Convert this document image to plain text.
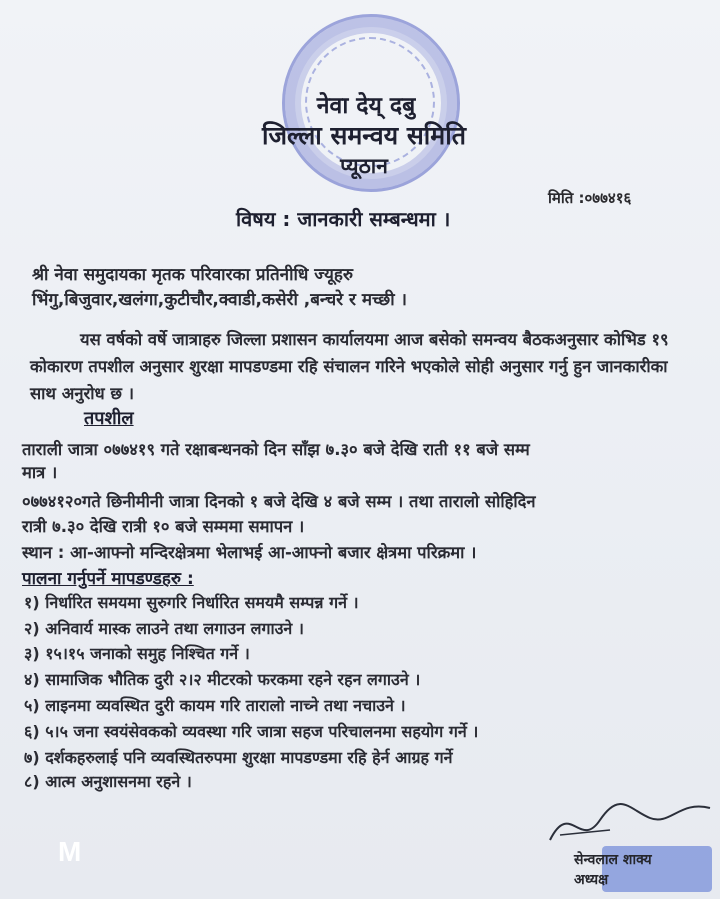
नेवा देय् दबु
जिल्ला समन्वय समिति
प्यूठान
मिति :०७७४१६
विषय : जानकारी सम्बन्धमा ।
श्री नेवा समुदायका मृतक परिवारका प्रतिनीधि ज्यूहरु
भिंगु,बिजुवार,खलंगा,कुटीचौर,क्वाडी,कसेरी ,बन्चरे र मच्छी ।
यस वर्षको वर्षे जात्राहरु जिल्ला प्रशासन कार्यालयमा आज बसेको समन्वय बैठकअनुसार कोभिड १९ कोकारण तपशील अनुसार शुरक्षा मापडण्डमा रहि संचालन गरिने भएकोले सोही अनुसार गर्नु हुन जानकारीका साथ अनुरोध छ ।
तपशील
ताराली जात्रा ०७७४१९ गते रक्षाबन्धनको दिन साँझ ७.३० बजे देखि राती ११ बजे सम्म
मात्र ।
०७७४१२०गते छिनीमीनी जात्रा दिनको १ बजे देखि ४ बजे सम्म । तथा तारालो सोहिदिन
रात्री ७.३० देखि रात्री १० बजे सम्ममा समापन ।
स्थान : आ-आफ्नो मन्दिरक्षेत्रमा भेलाभई आ-आफ्नो बजार क्षेत्रमा परिक्रमा ।
पालना गर्नुपर्ने मापडण्डहरु :
१) निर्धारित समयमा सुरुगरि निर्धारित समयमै सम्पन्न गर्ने ।
२) अनिवार्य मास्क लाउने तथा लगाउन लगाउने ।
३) १५।१५ जनाको समुह निश्चित गर्ने ।
४) सामाजिक भौतिक दुरी २।२ मीटरको फरकमा रहने रहन लगाउने ।
५) लाइनमा व्यवस्थित दुरी कायम गरि तारालो नाच्ने तथा नचाउने ।
६) ५।५ जना स्वयंसेवकको व्यवस्था गरि जात्रा सहज परिचालनमा सहयोग गर्ने ।
७) दर्शकहरुलाई पनि व्यवस्थितरुपमा शुरक्षा मापडण्डमा रहि हेर्न आग्रह गर्ने
८) आत्म अनुशासनमा रहने ।
सेन्वलाल शाक्य
अध्यक्ष
M
